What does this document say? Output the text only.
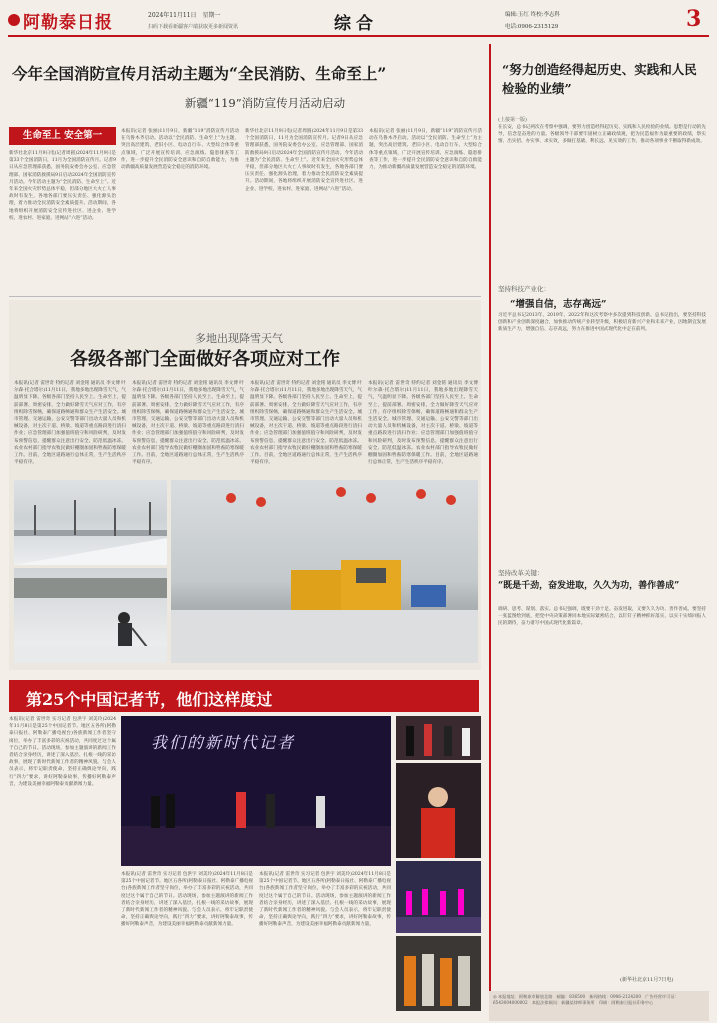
阿勒泰日报	2024年11月11日　星期一
扫码下载看新疆客户端获取更多新闻资讯	综合	编辑:玉红 终校:李志科
电话:0906-2315129	3
今年全国消防宣传月活动主题为“全民消防、生命至上”
新疆“119”消防宣传月活动启动
生命至上 安全第一
新华社北京11月9日电(记者周圆)2024年11月9日是第33个全国消防日，11月为全国消防宣传月。记者9日从应急管理部获悉，国务院安委会办公室、应急管理部、国家消防救援局9日启动2024年全国消防宣传月活动。今年活动主题为“全民消防、生命至上”。近年来全国火灾形势总体平稳，但部分地区大火亡人事故时有发生，各地各部门要压实责任、强化源头治理，着力推动全民消防安全素质提升。活动期间，各地将组织开展消防安全宣传进社区、进企业、进学校、进农村、进家庭、进网站“六进”活动。
本报讯(记者 张丽)11月9日，新疆“119”消防宣传月活动在乌鲁木齐启动。活动以“全民消防、生命至上”为主题，突出高层建筑、老旧小区、电动自行车、大型综合体等重点领域，广泛开展宣传培训、应急演练、隐患排查等工作，进一步提升全民消防安全意识和自防自救能力，为推动新疆高质量发展营造安全稳定的消防环境。
新华社北京11月9日电(记者周圆)2024年11月9日是第33个全国消防日，11月为全国消防宣传月。记者9日从应急管理部获悉，国务院安委会办公室、应急管理部、国家消防救援局9日启动2024年全国消防宣传月活动。今年活动主题为“全民消防、生命至上”。近年来全国火灾形势总体平稳，但部分地区大火亡人事故时有发生，各地各部门要压实责任、强化源头治理，着力推动全民消防安全素质提升。活动期间，各地将组织开展消防安全宣传进社区、进企业、进学校、进农村、进家庭、进网站“六进”活动。
本报讯(记者 张丽)11月9日，新疆“119”消防宣传月活动在乌鲁木齐启动。活动以“全民消防、生命至上”为主题，突出高层建筑、老旧小区、电动自行车、大型综合体等重点领域，广泛开展宣传培训、应急演练、隐患排查等工作，进一步提升全民消防安全意识和自防自救能力，为推动新疆高质量发展营造安全稳定的消防环境。
多地出现降雪天气
各级各部门全面做好各项应对工作
本报讯(记者 雷世奇 特约记者 刘金铭 通讯员 李文博 叶尔森·托合塔尔)11月11日，我地多地出现降雪天气，气温明显下降。各级各部门坚持人民至上、生命至上，提前部署、周密安排，全力做好降雪天气应对工作，有序组织除雪保畅，确保道路畅通和群众生产生活安全。城市管理、交通运输、公安交警等部门出动大量人员和机械设备，对主次干道、桥梁、坡道等重点路段进行清扫作业；应急管理部门加强值班值守和风险研判，及时发布预警信息，提醒群众注意出行安全、防范低温冰冻。农业农村部门指导农牧民做好棚圈加固和牲畜防寒保暖工作。目前，全地区道路通行总体正常，生产生活秩序平稳有序。
本报讯(记者 雷世奇 特约记者 刘金铭 通讯员 李文博 叶尔森·托合塔尔)11月11日，我地多地出现降雪天气，气温明显下降。各级各部门坚持人民至上、生命至上，提前部署、周密安排，全力做好降雪天气应对工作，有序组织除雪保畅，确保道路畅通和群众生产生活安全。城市管理、交通运输、公安交警等部门出动大量人员和机械设备，对主次干道、桥梁、坡道等重点路段进行清扫作业；应急管理部门加强值班值守和风险研判，及时发布预警信息，提醒群众注意出行安全、防范低温冰冻。农业农村部门指导农牧民做好棚圈加固和牲畜防寒保暖工作。目前，全地区道路通行总体正常，生产生活秩序平稳有序。
本报讯(记者 雷世奇 特约记者 刘金铭 通讯员 李文博 叶尔森·托合塔尔)11月11日，我地多地出现降雪天气，气温明显下降。各级各部门坚持人民至上、生命至上，提前部署、周密安排，全力做好降雪天气应对工作，有序组织除雪保畅，确保道路畅通和群众生产生活安全。城市管理、交通运输、公安交警等部门出动大量人员和机械设备，对主次干道、桥梁、坡道等重点路段进行清扫作业；应急管理部门加强值班值守和风险研判，及时发布预警信息，提醒群众注意出行安全、防范低温冰冻。农业农村部门指导农牧民做好棚圈加固和牲畜防寒保暖工作。目前，全地区道路通行总体正常，生产生活秩序平稳有序。
本报讯(记者 雷世奇 特约记者 刘金铭 通讯员 李文博 叶尔森·托合塔尔)11月11日，我地多地出现降雪天气，气温明显下降。各级各部门坚持人民至上、生命至上，提前部署、周密安排，全力做好降雪天气应对工作，有序组织除雪保畅，确保道路畅通和群众生产生活安全。城市管理、交通运输、公安交警等部门出动大量人员和机械设备，对主次干道、桥梁、坡道等重点路段进行清扫作业；应急管理部门加强值班值守和风险研判，及时发布预警信息，提醒群众注意出行安全、防范低温冰冻。农业农村部门指导农牧民做好棚圈加固和牲畜防寒保暖工作。目前，全地区道路通行总体正常，生产生活秩序平稳有序。
第25个中国记者节，他们这样度过
本报讯(记者 雷世奇 实习记者 包洪宇 刘美玲)2024年11月8日是第25个中国记者节。地区五各所(阿勒泰日报社、阿勒泰广播电视台)各族新闻工作者坚守岗位，举办了丰富多彩的庆祝活动，共同度过这个属于自己的节日。活动现场，参加主题演讲的新闻工作者结合亲身经历，讲述了深入基层、扎根一线的采访故事，展现了新时代新闻工作者的精神风貌。与会人员表示，将牢记职责使命，坚持正确舆论导向，践行“四力”要求，讲好阿勒泰故事，传播好阿勒泰声音，为建设美丽幸福阿勒泰贡献新闻力量。
我们的新时代记者
本报讯(记者 雷世奇 实习记者 包洪宇 刘美玲)2024年11月8日是第25个中国记者节。地区五各所(阿勒泰日报社、阿勒泰广播电视台)各族新闻工作者坚守岗位，举办了丰富多彩的庆祝活动，共同度过这个属于自己的节日。活动现场，参加主题演讲的新闻工作者结合亲身经历，讲述了深入基层、扎根一线的采访故事，展现了新时代新闻工作者的精神风貌。与会人员表示，将牢记职责使命，坚持正确舆论导向，践行“四力”要求，讲好阿勒泰故事，传播好阿勒泰声音，为建设美丽幸福阿勒泰贡献新闻力量。
本报讯(记者 雷世奇 实习记者 包洪宇 刘美玲)2024年11月8日是第25个中国记者节。地区五各所(阿勒泰日报社、阿勒泰广播电视台)各族新闻工作者坚守岗位，举办了丰富多彩的庆祝活动，共同度过这个属于自己的节日。活动现场，参加主题演讲的新闻工作者结合亲身经历，讲述了深入基层、扎根一线的采访故事，展现了新时代新闻工作者的精神风貌。与会人员表示，将牢记职责使命，坚持正确舆论导向，践行“四力”要求，讲好阿勒泰故事，传播好阿勒泰声音，为建设美丽幸福阿勒泰贡献新闻力量。
“努力创造经得起历史、实践和人民检验的业绩”
(上接第一版)
在长安，总书记两次在考察中强调，要努力创造经得起历史、实践和人民检验的业绩。思想是行动的先导，信念是奋进的力量。各级领导干部要牢固树立正确政绩观，把为民造福作为最重要的政绩，察实情、出实招、办实事、求实效，多做打基础、利长远、见实效的工作，推动各项事业不断取得新成效。
坚持科技产业化：
“增强自信，志存高远”
习近平总书记2013年、2019年、2022年和这次考察中多次提到科技创新。总书记指出，要坚持科技创新和产业创新深度融合，加快推动传统产业转型升级，积极培育新兴产业和未来产业，因地制宜发展新质生产力，增强自信、志存高远，努力在推进中国式现代化中走在前列。
坚持改革关键：
“既是千劲，奋发进取，久久为功，善作善成”
调研、思考、谋划、落实。总书记强调，既要干劲十足、奋发进取，又要久久为功、善作善成。要坚持一张蓝图绘到底，把党中央决策部署同本地实际紧密结合，以钉钉子精神抓好落实，以实干实绩回报人民的期待，奋力谱写中国式现代化新篇章。
(新华社北京11月7日电)
◎ 本报地址：阿勒泰市解放北路　邮编：836500　新闻热线：0906-2124200　广告经营许可证：6543004000002　本报法律顾问：新疆某律师事务所　印刷：阿勒泰日报社印务中心
